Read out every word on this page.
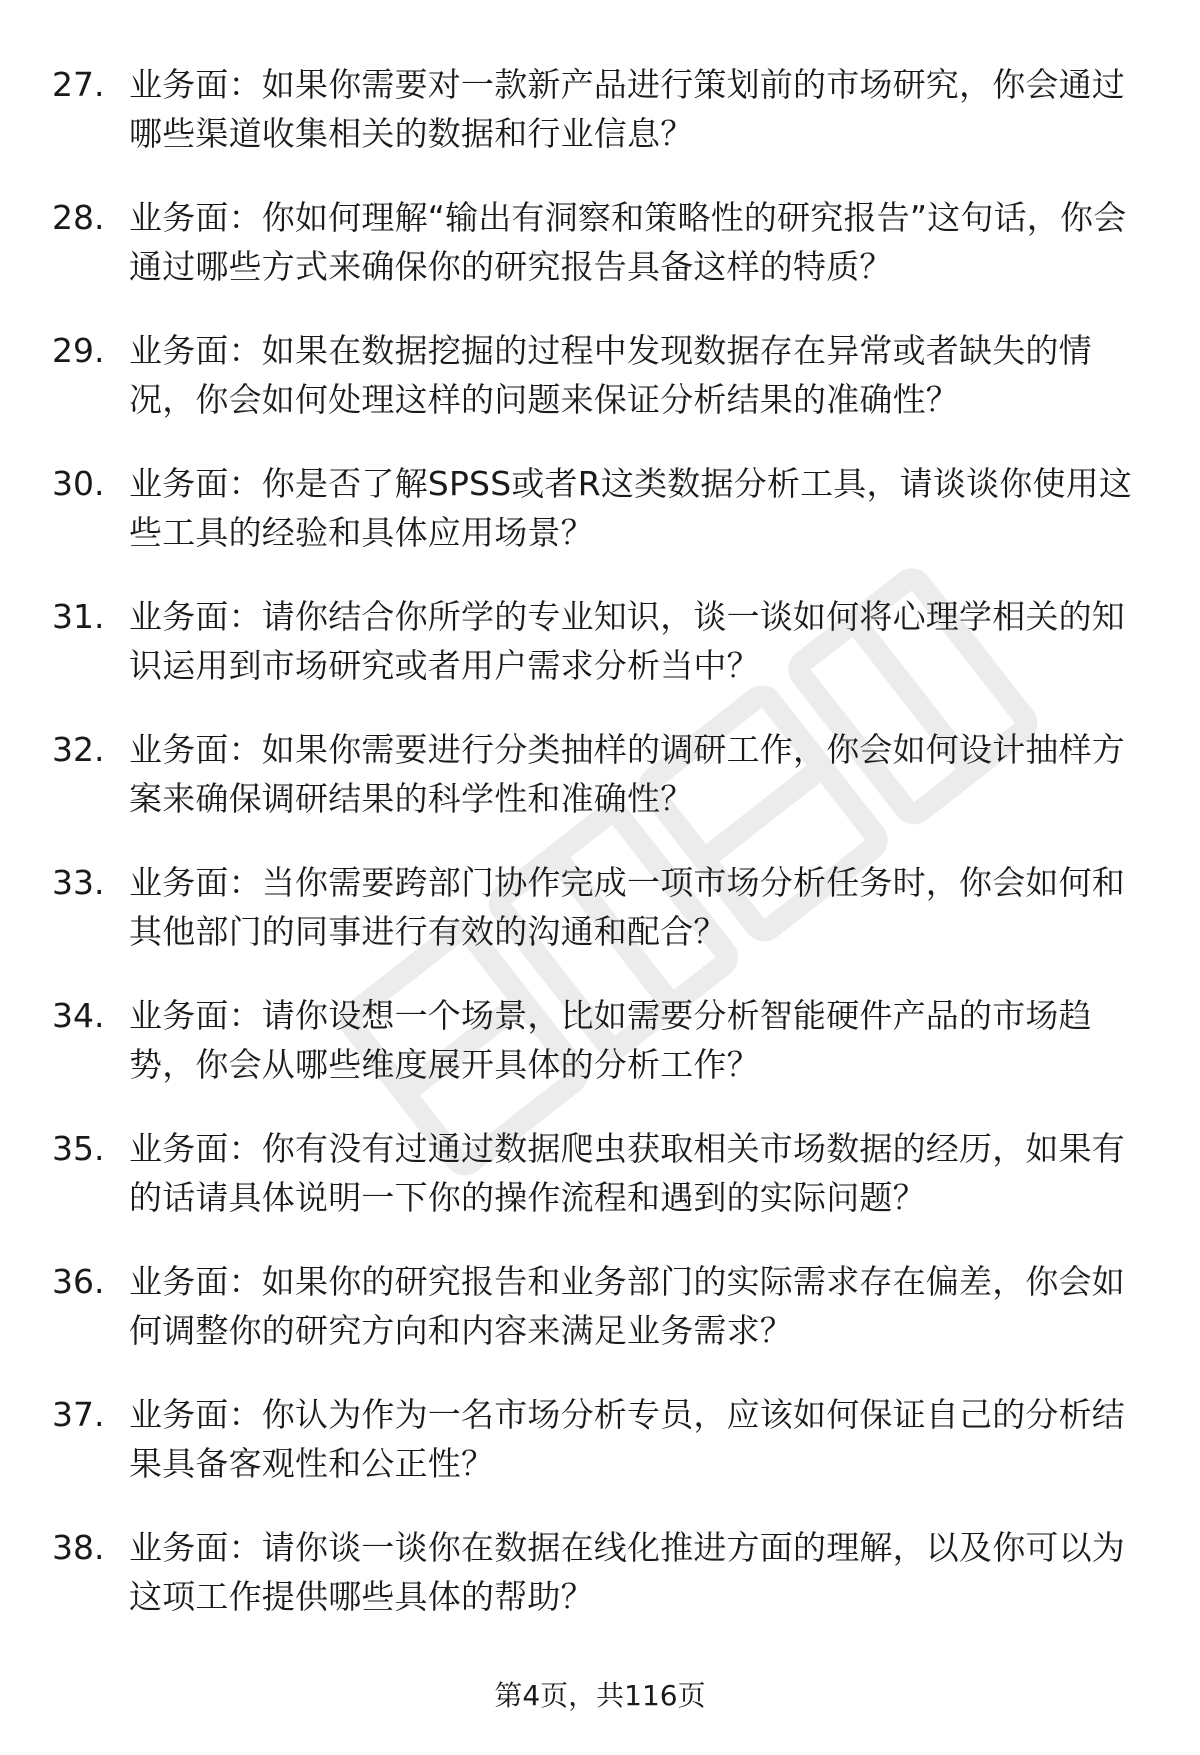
27. 业务面：如果你需要对一款新产品进行策划前的市场研究，你会通过哪些渠道收集相关的数据和行业信息？
28. 业务面：你如何理解“输出有洞察和策略性的研究报告”这句话，你会通过哪些方式来确保你的研究报告具备这样的特质？
29. 业务面：如果在数据挖掘的过程中发现数据存在异常或者缺失的情况，你会如何处理这样的问题来保证分析结果的准确性？
30. 业务面：你是否了解SPSS或者R这类数据分析工具，请谈谈你使用这些工具的经验和具体应用场景？
31. 业务面：请你结合你所学的专业知识，谈一谈如何将心理学相关的知识运用到市场研究或者用户需求分析当中？
32. 业务面：如果你需要进行分类抽样的调研工作，你会如何设计抽样方案来确保调研结果的科学性和准确性？
33. 业务面：当你需要跨部门协作完成一项市场分析任务时，你会如何和其他部门的同事进行有效的沟通和配合？
34. 业务面：请你设想一个场景，比如需要分析智能硬件产品的市场趋势，你会从哪些维度展开具体的分析工作？
35. 业务面：你有没有过通过数据爬虫获取相关市场数据的经历，如果有的话请具体说明一下你的操作流程和遇到的实际问题？
36. 业务面：如果你的研究报告和业务部门的实际需求存在偏差，你会如何调整你的研究方向和内容来满足业务需求？
37. 业务面：你认为作为一名市场分析专员，应该如何保证自己的分析结果具备客观性和公正性？
38. 业务面：请你谈一谈你在数据在线化推进方面的理解，以及你可以为这项工作提供哪些具体的帮助？
第4页，共116页
